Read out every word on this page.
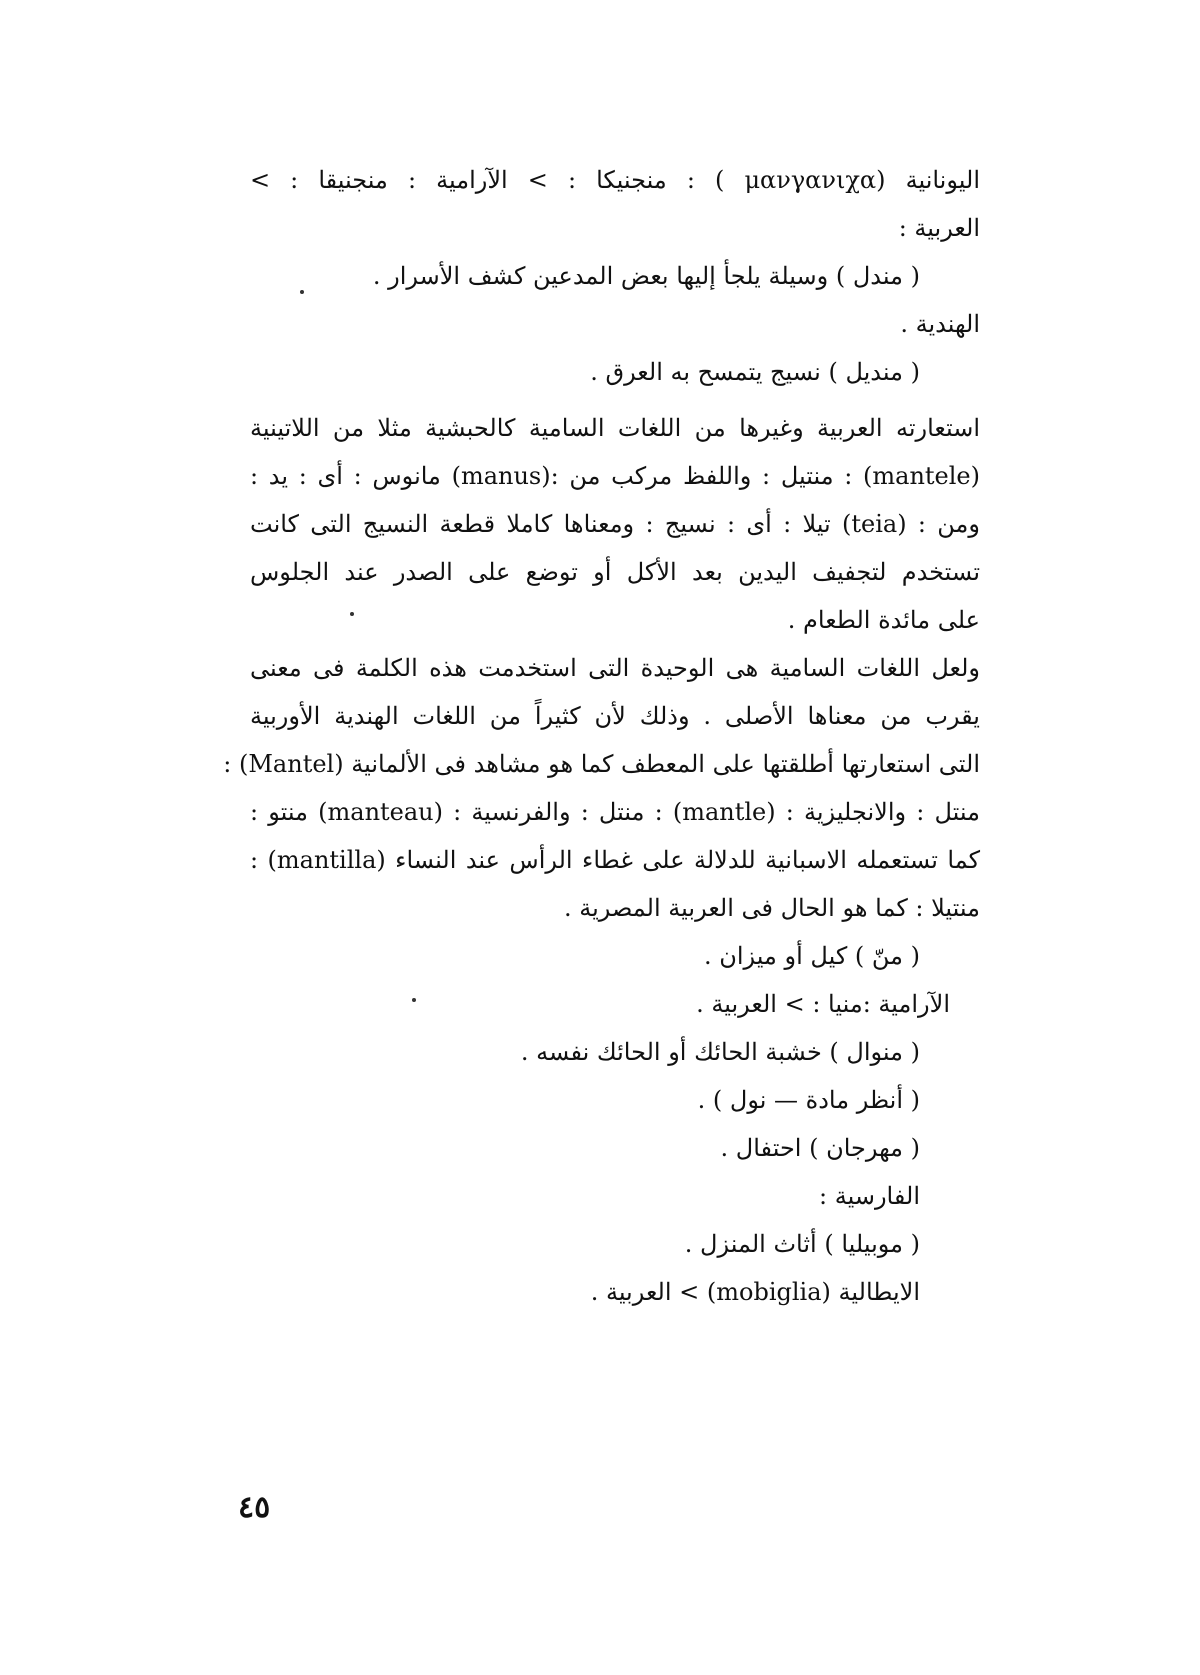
اليونانية (μανγανιχα ) : منجنيكا : > الآرامية : منجنيقا : >
العربية :
( مندل ) وسيلة يلجأ إليها بعض المدعين كشف الأسرار .
الهندية .
( منديل ) نسيج يتمسح به العرق .
استعارته العربية وغيرها من اللغات السامية كالحبشية مثلا من اللاتينية
(mantele) : منتيل : واللفظ مركب من :(manus) مانوس : أى : يد :
ومن : (teia) تيلا : أى : نسيج : ومعناها كاملا قطعة النسيج التى كانت
تستخدم لتجفيف اليدين بعد الأكل أو توضع على الصدر عند الجلوس
على مائدة الطعام .
ولعل اللغات السامية هى الوحيدة التى استخدمت هذه الكلمة فى معنى
يقرب من معناها الأصلى . وذلك لأن كثيراً من اللغات الهندية الأوربية
التى استعارتها أطلقتها على المعطف كما هو مشاهد فى الألمانية (Mantel) :
منتل : والانجليزية : (mantle) : منتل : والفرنسية : (manteau) منتو :
كما تستعمله الاسبانية للدلالة على غطاء الرأس عند النساء (mantilla) :
منتيلا : كما هو الحال فى العربية المصرية .
( منّ ) كيل أو ميزان .
الآرامية :منيا : > العربية .
( منوال ) خشبة الحائك أو الحائك نفسه .
( أنظر مادة — نول ) .
( مهرجان ) احتفال .
الفارسية :
( موبيليا ) أثاث المنزل .
الايطالية (mobiglia) > العربية .
٤٥
